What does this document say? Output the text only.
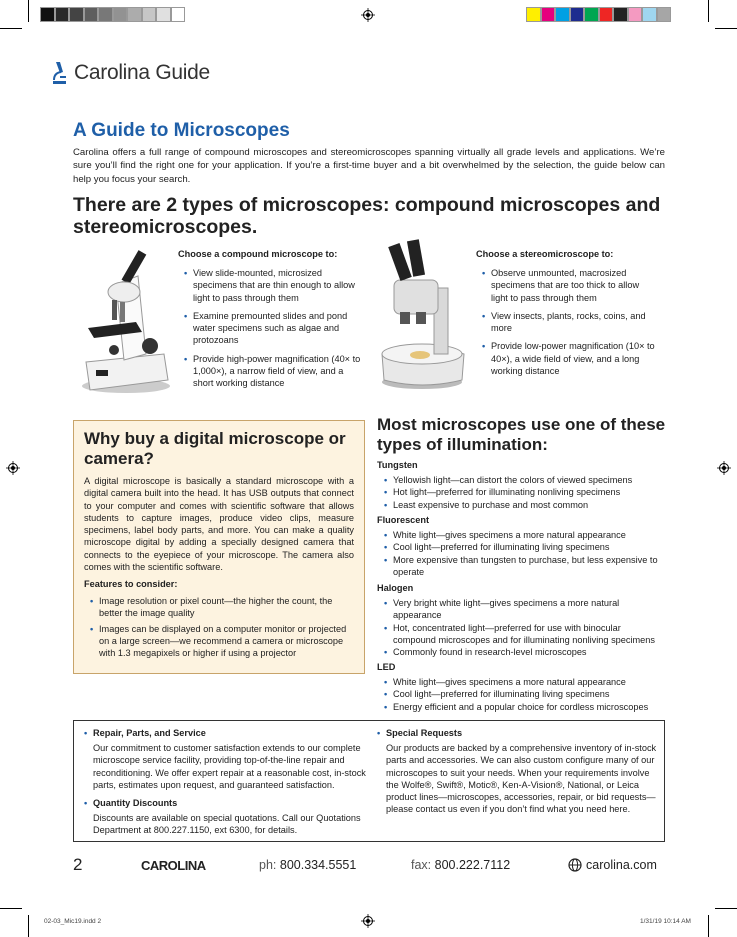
Carolina Guide
A Guide to Microscopes

Carolina offers a full range of compound microscopes and stereomicroscopes spanning virtually all grade levels and applications. We’re sure you’ll find the right one for your application. If you’re a first-time buyer and a bit overwhelmed by the selection, the guide below can help you focus your search.

There are 2 types of microscopes: compound microscopes and stereomicroscopes.
Choose a compound microscope to:
• View slide-mounted, microsized specimens that are thin enough to allow light to pass through them
• Examine premounted slides and pond water specimens such as algae and protozoans
• Provide high-power magnification (40× to 1,000×), a narrow field of view, and a short working distance
Choose a stereomicroscope to:
• Observe unmounted, macrosized specimens that are too thick to allow light to pass through them
• View insects, plants, rocks, coins, and more
• Provide low-power magnification (10× to 40×), a wide field of view, and a long working distance
Why buy a digital microscope or camera?

A digital microscope is basically a standard microscope with a digital camera built into the head. It has USB outputs that connect to your computer and comes with scientific software that allows students to capture images, produce video clips, measure specimens, label body parts, and more. You can make a quality microscope digital by adding a specially designed camera that connects to the eyepiece of your microscope. The camera also comes with the scientific software.

Features to consider:
• Image resolution or pixel count—the higher the count, the better the image quality
• Images can be displayed on a computer monitor or projected on a large screen—we recommend a camera or microscope with 1.3 megapixels or higher if using a projector
Most microscopes use one of these types of illumination:
Tungsten
• Yellowish light—can distort the colors of viewed specimens
• Hot light—preferred for illuminating nonliving specimens
• Least expensive to purchase and most common
Fluorescent
• White light—gives specimens a more natural appearance
• Cool light—preferred for illuminating living specimens
• More expensive than tungsten to purchase, but less expensive to operate
Halogen
• Very bright white light—gives specimens a more natural appearance
• Hot, concentrated light—preferred for use with binocular compound microscopes and for illuminating nonliving specimens
• Commonly found in research-level microscopes
LED
• White light—gives specimens a more natural appearance
• Cool light—preferred for illuminating living specimens
• Energy efficient and a popular choice for cordless microscopes
• Repair, Parts, and Service

Our commitment to customer satisfaction extends to our complete microscope service facility, providing top-of-the-line repair and reconditioning. We offer expert repair at a reasonable cost, in-stock parts, estimates upon request, and guaranteed satisfaction.

• Quantity Discounts

Discounts are available on special quotations. Call our Quotations Department at 800.227.1150, ext 6300, for details.

• Special Requests

Our products are backed by a comprehensive inventory of in-stock parts and accessories. We can also custom configure many of our microscopes to suit your needs. When your requirements involve the Wolfe®, Swift®, Motic®, Ken-A-Vision®, National, or Leica product lines—microscopes, accessories, repair, or bid requests—please contact us even if you don’t find what you need here.

2	CAROLINA	ph: 800.334.5551	fax: 800.222.7112	carolina.com
02-03_Mic19.indd 2	1/31/19 10:14 AM
